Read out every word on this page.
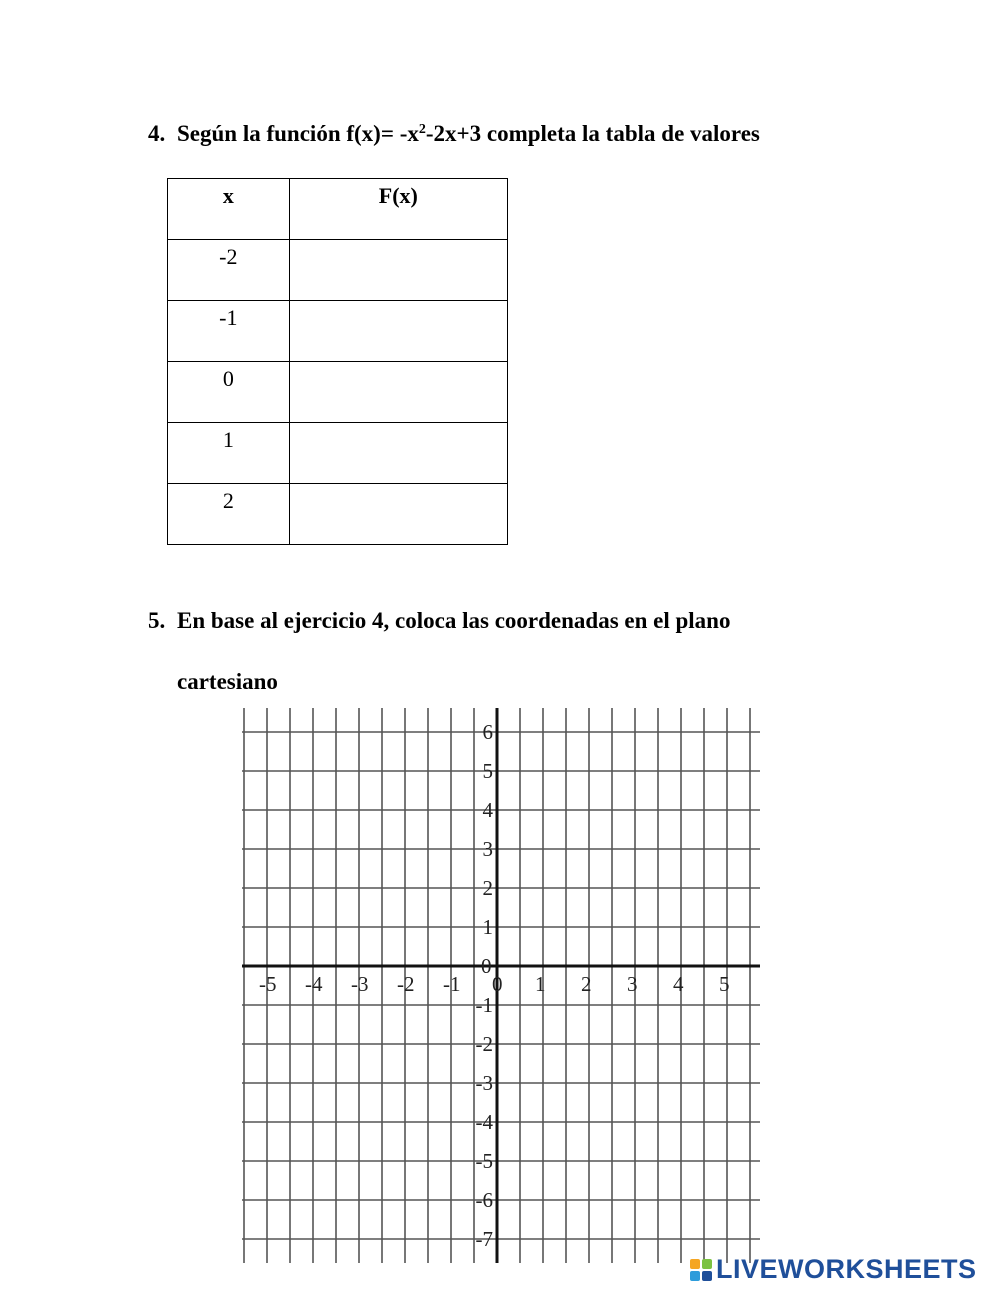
4. Según la función $f(x)= -x^2-2x+3$ completa la tabla de valores
x	F(x)
-2	
-1	
0	
1	
2	
5. En base al ejercicio 4, coloca las coordenadas en el plano
cartesiano
-5 -4 -3 -2 -1 0 1 2 3 4 5
6
5
4
3
2
1
0
-1
-2
-3
-4
-5
-6
-7
LIVEWORKSHEETS
